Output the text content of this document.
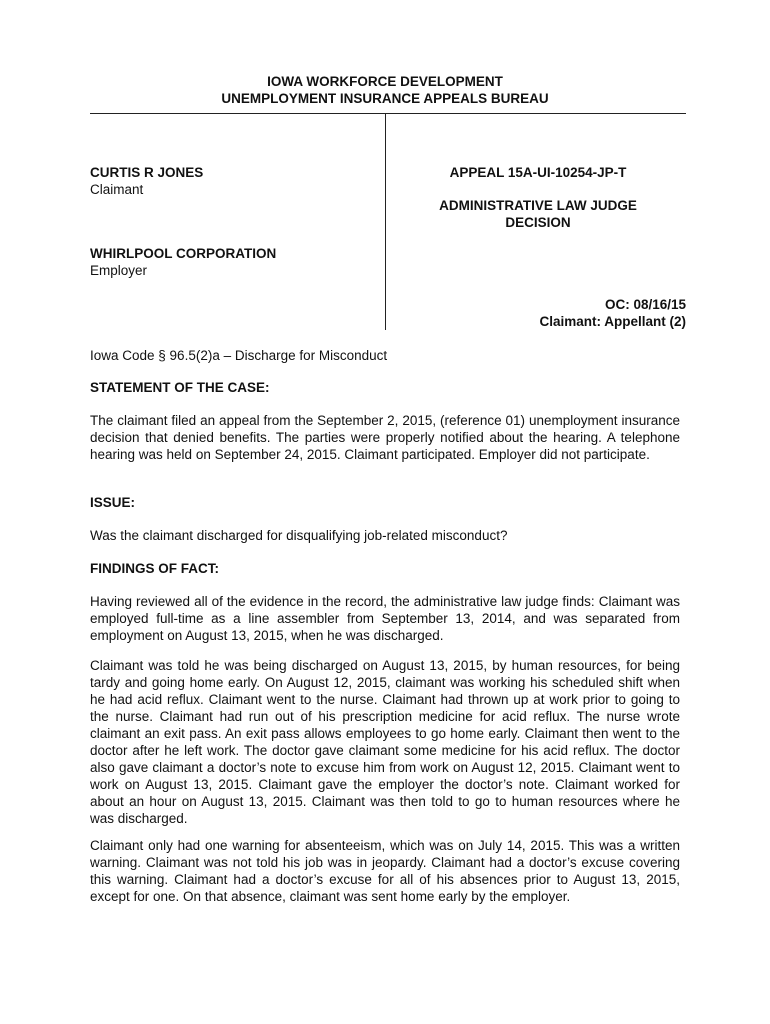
IOWA WORKFORCE DEVELOPMENT
UNEMPLOYMENT INSURANCE APPEALS BUREAU
CURTIS R JONES
Claimant
WHIRLPOOL CORPORATION
Employer
APPEAL 15A-UI-10254-JP-T
ADMINISTRATIVE LAW JUDGE
DECISION
OC: 08/16/15
Claimant: Appellant (2)
Iowa Code § 96.5(2)a – Discharge for Misconduct
STATEMENT OF THE CASE:

The claimant filed an appeal from the September 2, 2015, (reference 01) unemployment insurance decision that denied benefits. The parties were properly notified about the hearing. A telephone hearing was held on September 24, 2015. Claimant participated. Employer did not participate.

ISSUE:

Was the claimant discharged for disqualifying job-related misconduct?

FINDINGS OF FACT:

Having reviewed all of the evidence in the record, the administrative law judge finds: Claimant was employed full-time as a line assembler from September 13, 2014, and was separated from employment on August 13, 2015, when he was discharged.

Claimant was told he was being discharged on August 13, 2015, by human resources, for being tardy and going home early. On August 12, 2015, claimant was working his scheduled shift when he had acid reflux. Claimant went to the nurse. Claimant had thrown up at work prior to going to the nurse. Claimant had run out of his prescription medicine for acid reflux. The nurse wrote claimant an exit pass. An exit pass allows employees to go home early. Claimant then went to the doctor after he left work. The doctor gave claimant some medicine for his acid reflux. The doctor also gave claimant a doctor’s note to excuse him from work on August 12, 2015. Claimant went to work on August 13, 2015. Claimant gave the employer the doctor’s note. Claimant worked for about an hour on August 13, 2015. Claimant was then told to go to human resources where he was discharged.

Claimant only had one warning for absenteeism, which was on July 14, 2015. This was a written warning. Claimant was not told his job was in jeopardy. Claimant had a doctor’s excuse covering this warning. Claimant had a doctor’s excuse for all of his absences prior to August 13, 2015, except for one. On that absence, claimant was sent home early by the employer.
